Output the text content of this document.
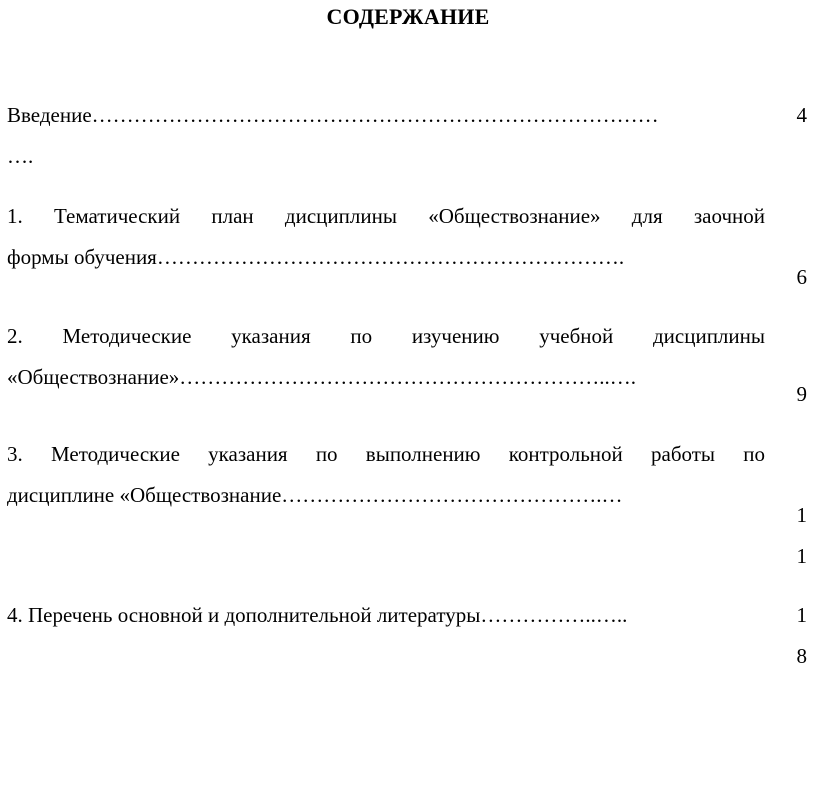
СОДЕРЖАНИЕ
Введение………………………………………………………………………
….
4
1. Тематический план дисциплины «Обществознание» для заочной
формы обучения………………………………………………………….
6
2. Методические указания по изучению учебной дисциплины
«Обществознание»……………………………………………………..….
9
3. Методические указания по выполнению контрольной работы по
дисциплине «Обществознание……………………………………….…
1
1
4. Перечень основной и дополнительной литературы……………..…..	1
8
